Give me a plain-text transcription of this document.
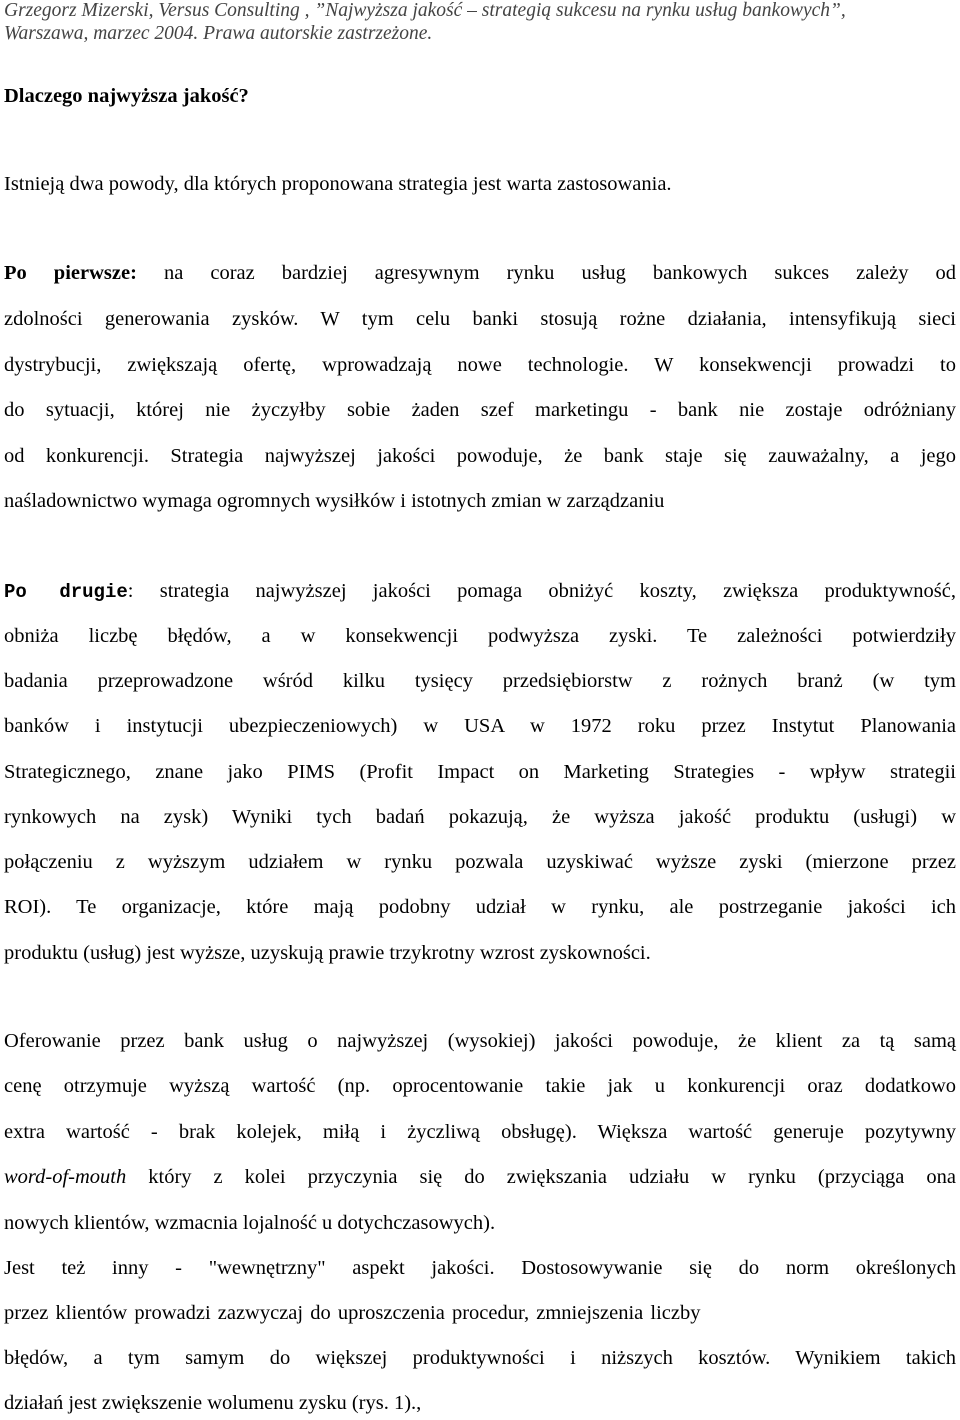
Grzegorz Mizerski, Versus Consulting , ”Najwyższa jakość – strategią sukcesu na rynku usług bankowych”,

Warszawa, marzec 2004. Prawa autorskie zastrzeżone.

Dlaczego najwyższa jakość?

Istnieją dwa powody, dla których proponowana strategia jest warta zastosowania.

Po pierwsze: na coraz bardziej agresywnym rynku usług bankowych sukces zależy od

zdolności generowania zysków. W tym celu banki stosują rożne działania, intensyfikują sieci

dystrybucji, zwiększają ofertę, wprowadzają nowe technologie. W konsekwencji prowadzi to

do sytuacji, której nie życzyłby sobie żaden szef marketingu - bank nie zostaje odróżniany

od konkurencji. Strategia najwyższej jakości powoduje, że bank staje się zauważalny, a jego

naśladownictwo wymaga ogromnych wysiłków i istotnych zmian w zarządzaniu

Po drugie: strategia najwyższej jakości pomaga obniżyć koszty, zwiększa produktywność,

obniża liczbę błędów, a w konsekwencji podwyższa zyski. Te zależności potwierdziły

badania przeprowadzone wśród kilku tysięcy przedsiębiorstw z rożnych branż (w tym

banków i instytucji ubezpieczeniowych) w USA w 1972 roku przez Instytut Planowania

Strategicznego, znane jako PIMS (Profit Impact on Marketing Strategies - wpływ strategii

rynkowych na zysk) Wyniki tych badań pokazują, że wyższa jakość produktu (usługi) w

połączeniu z wyższym udziałem w rynku pozwala uzyskiwać wyższe zyski (mierzone przez

ROI). Te organizacje, które mają podobny udział w rynku, ale postrzeganie jakości ich

produktu (usług) jest wyższe, uzyskują prawie trzykrotny wzrost zyskowności.

Oferowanie przez bank usług o najwyższej (wysokiej) jakości powoduje, że klient za tą samą

cenę otrzymuje wyższą wartość (np. oprocentowanie takie jak u konkurencji oraz dodatkowo

extra wartość - brak kolejek, miłą i życzliwą obsługę). Większa wartość generuje pozytywny

word-of-mouth który z kolei przyczynia się do zwiększania udziału w rynku (przyciąga ona

nowych klientów, wzmacnia lojalność u dotychczasowych).

Jest też inny - "wewnętrzny" aspekt jakości. Dostosowywanie się do norm określonych

przez klientów prowadzi zazwyczaj do uproszczenia procedur, zmniejszenia liczby

błędów, a tym samym do większej produktywności i niższych kosztów. Wynikiem takich

działań jest zwiększenie wolumenu zysku (rys. 1).,
